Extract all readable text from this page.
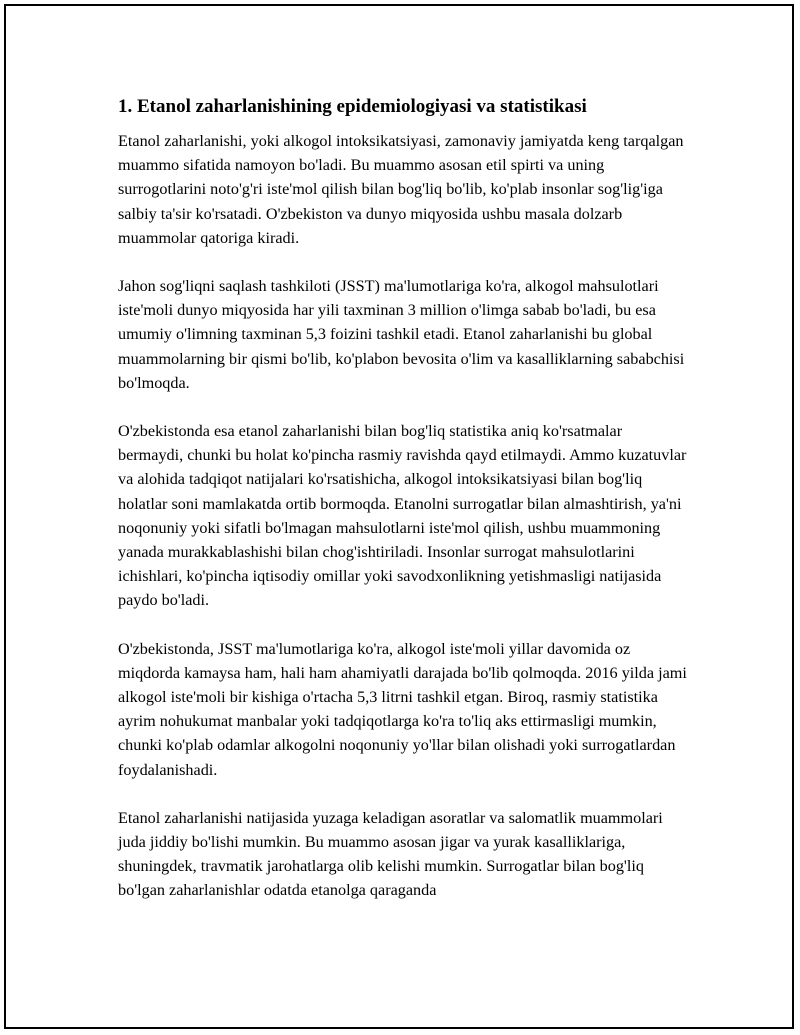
1. Etanol zaharlanishining epidemiologiyasi va statistikasi

Etanol zaharlanishi, yoki alkogol intoksikatsiyasi, zamonaviy jamiyatda keng tarqalgan muammo sifatida namoyon bo'ladi. Bu muammo asosan etil spirti va uning surrogotlarini noto'g'ri iste'mol qilish bilan bog'liq bo'lib, ko'plab insonlar sog'lig'iga salbiy ta'sir ko'rsatadi. O'zbekiston va dunyo miqyosida ushbu masala dolzarb muammolar qatoriga kiradi.

Jahon sog'liqni saqlash tashkiloti (JSST) ma'lumotlariga ko'ra, alkogol mahsulotlari iste'moli dunyo miqyosida har yili taxminan 3 million o'limga sabab bo'ladi, bu esa umumiy o'limning taxminan 5,3 foizini tashkil etadi. Etanol zaharlanishi bu global muammolarning bir qismi bo'lib, ko'plabon bevosita o'lim va kasalliklarning sababchisi bo'lmoqda.

O'zbekistonda esa etanol zaharlanishi bilan bog'liq statistika aniq ko'rsatmalar bermaydi, chunki bu holat ko'pincha rasmiy ravishda qayd etilmaydi. Ammo kuzatuvlar va alohida tadqiqot natijalari ko'rsatishicha, alkogol intoksikatsiyasi bilan bog'liq holatlar soni mamlakatda ortib bormoqda. Etanolni surrogatlar bilan almashtirish, ya'ni noqonuniy yoki sifatli bo'lmagan mahsulotlarni iste'mol qilish, ushbu muammoning yanada murakkablashishi bilan chog'ishtiriladi. Insonlar surrogat mahsulotlarini ichishlari, ko'pincha iqtisodiy omillar yoki savodxonlikning yetishmasligi natijasida paydo bo'ladi.

O'zbekistonda, JSST ma'lumotlariga ko'ra, alkogol iste'moli yillar davomida oz miqdorda kamaysa ham, hali ham ahamiyatli darajada bo'lib qolmoqda. 2016 yilda jami alkogol iste'moli bir kishiga o'rtacha 5,3 litrni tashkil etgan. Biroq, rasmiy statistika ayrim nohukumat manbalar yoki tadqiqotlarga ko'ra to'liq aks ettirmasligi mumkin, chunki ko'plab odamlar alkogolni noqonuniy yo'llar bilan olishadi yoki surrogatlardan foydalanishadi.

Etanol zaharlanishi natijasida yuzaga keladigan asoratlar va salomatlik muammolari juda jiddiy bo'lishi mumkin. Bu muammo asosan jigar va yurak kasalliklariga, shuningdek, travmatik jarohatlarga olib kelishi mumkin. Surrogatlar bilan bog'liq bo'lgan zaharlanishlar odatda etanolga qaraganda
